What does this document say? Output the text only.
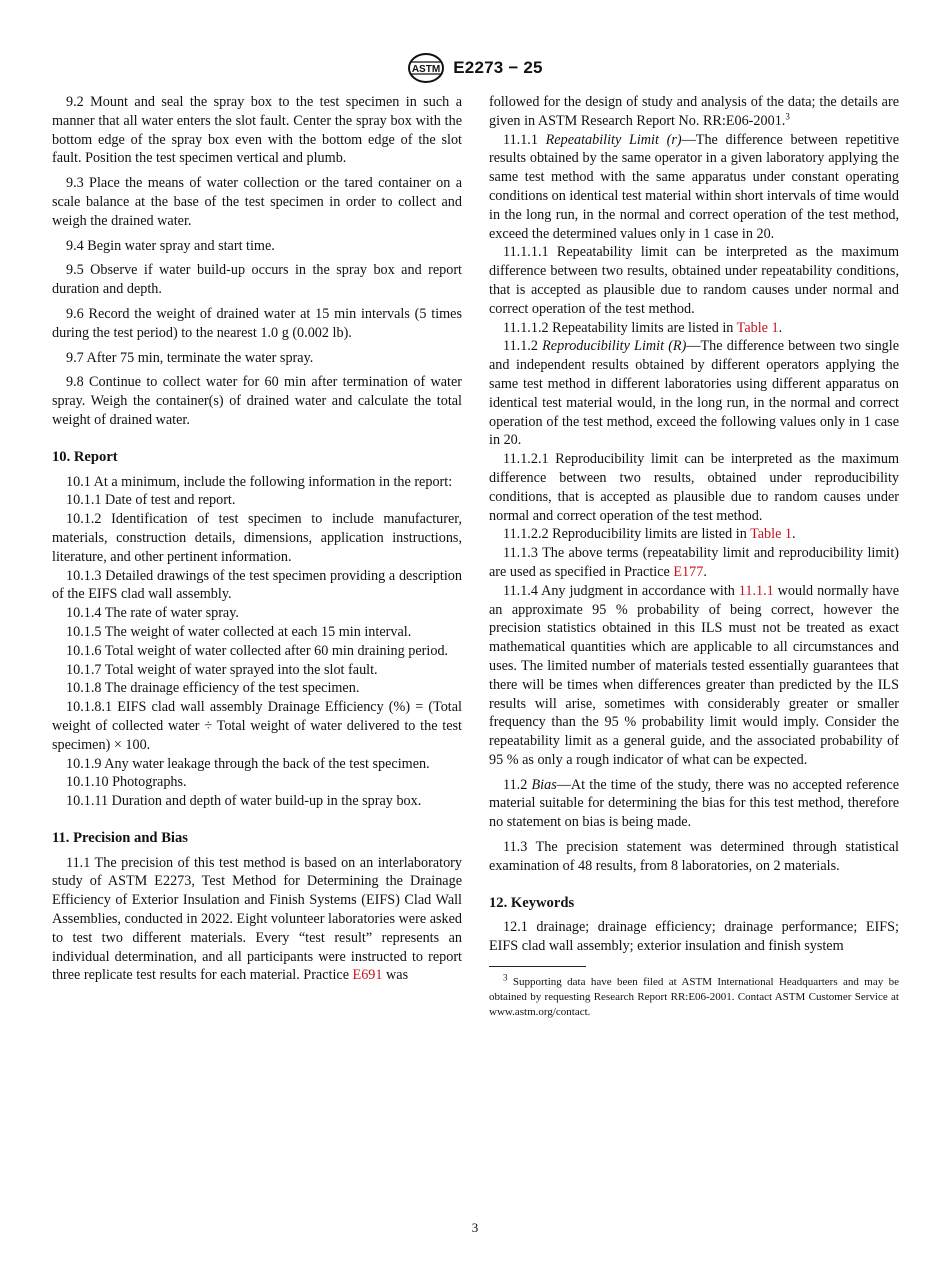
ASTM E2273 − 25

9.2 Mount and seal the spray box to the test specimen in such a manner that all water enters the slot fault. Center the spray box with the bottom edge of the spray box even with the bottom edge of the slot fault. Position the test specimen vertical and plumb.

9.3 Place the means of water collection or the tared container on a scale balance at the base of the test specimen in order to collect and weigh the drained water.

9.4 Begin water spray and start time.

9.5 Observe if water build-up occurs in the spray box and report duration and depth.

9.6 Record the weight of drained water at 15 min intervals (5 times during the test period) to the nearest 1.0 g (0.002 lb).

9.7 After 75 min, terminate the water spray.

9.8 Continue to collect water for 60 min after termination of water spray. Weigh the container(s) of drained water and calculate the total weight of drained water.

10. Report

10.1 At a minimum, include the following information in the report:

10.1.1 Date of test and report.

10.1.2 Identification of test specimen to include manufacturer, materials, construction details, dimensions, application instructions, literature, and other pertinent information.

10.1.3 Detailed drawings of the test specimen providing a description of the EIFS clad wall assembly.

10.1.4 The rate of water spray.

10.1.5 The weight of water collected at each 15 min interval.

10.1.6 Total weight of water collected after 60 min draining period.

10.1.7 Total weight of water sprayed into the slot fault.

10.1.8 The drainage efficiency of the test specimen.

10.1.8.1 EIFS clad wall assembly Drainage Efficiency (%) = (Total weight of collected water ÷ Total weight of water delivered to the test specimen) × 100.

10.1.9 Any water leakage through the back of the test specimen.

10.1.10 Photographs.

10.1.11 Duration and depth of water build-up in the spray box.

11. Precision and Bias

11.1 The precision of this test method is based on an interlaboratory study of ASTM E2273, Test Method for Determining the Drainage Efficiency of Exterior Insulation and Finish Systems (EIFS) Clad Wall Assemblies, conducted in 2022. Eight volunteer laboratories were asked to test two different materials. Every “test result” represents an individual determination, and all participants were instructed to report three replicate test results for each material. Practice E691 was

followed for the design of study and analysis of the data; the details are given in ASTM Research Report No. RR:E06-2001.$^3$

11.1.1 Repeatability Limit (r)—The difference between repetitive results obtained by the same operator in a given laboratory applying the same test method with the same apparatus under constant operating conditions on identical test material within short intervals of time would in the long run, in the normal and correct operation of the test method, exceed the determined values only in 1 case in 20.

11.1.1.1 Repeatability limit can be interpreted as the maximum difference between two results, obtained under repeatability conditions, that is accepted as plausible due to random causes under normal and correct operation of the test method.

11.1.1.2 Repeatability limits are listed in Table 1.

11.1.2 Reproducibility Limit (R)—The difference between two single and independent results obtained by different operators applying the same test method in different laboratories using different apparatus on identical test material would, in the long run, in the normal and correct operation of the test method, exceed the following values only in 1 case in 20.

11.1.2.1 Reproducibility limit can be interpreted as the maximum difference between two results, obtained under reproducibility conditions, that is accepted as plausible due to random causes under normal and correct operation of the test method.

11.1.2.2 Reproducibility limits are listed in Table 1.

11.1.3 The above terms (repeatability limit and reproducibility limit) are used as specified in Practice E177.

11.1.4 Any judgment in accordance with 11.1.1 would normally have an approximate 95 % probability of being correct, however the precision statistics obtained in this ILS must not be treated as exact mathematical quantities which are applicable to all circumstances and uses. The limited number of materials tested essentially guarantees that there will be times when differences greater than predicted by the ILS results will arise, sometimes with considerably greater or smaller frequency than the 95 % probability limit would imply. Consider the repeatability limit as a general guide, and the associated probability of 95 % as only a rough indicator of what can be expected.

11.2 Bias—At the time of the study, there was no accepted reference material suitable for determining the bias for this test method, therefore no statement on bias is being made.

11.3 The precision statement was determined through statistical examination of 48 results, from 8 laboratories, on 2 materials.

12. Keywords

12.1 drainage; drainage efficiency; drainage performance; EIFS; EIFS clad wall assembly; exterior insulation and finish system

$^3$ Supporting data have been filed at ASTM International Headquarters and may be obtained by requesting Research Report RR:E06-2001. Contact ASTM Customer Service at www.astm.org/contact.

3
